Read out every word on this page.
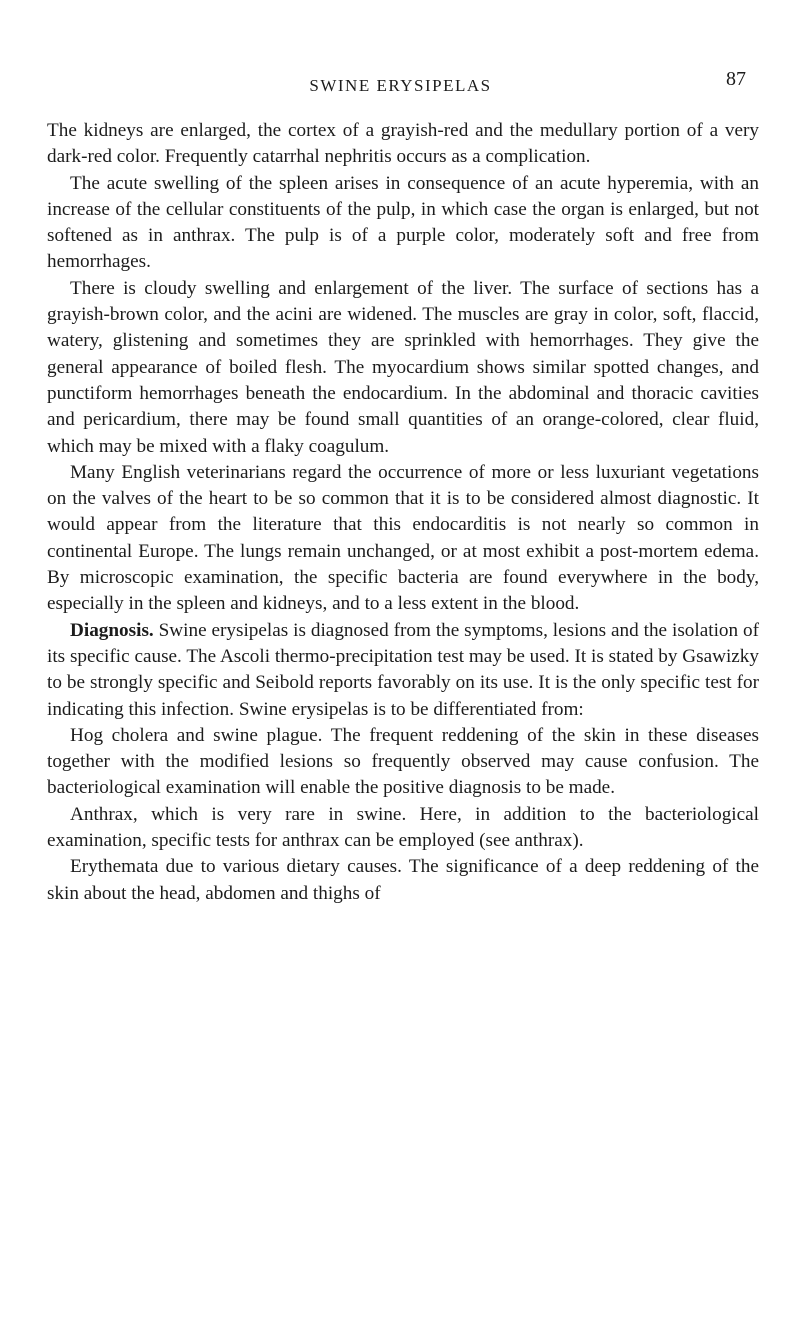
SWINE ERYSIPELAS	87

The kidneys are enlarged, the cortex of a grayish-red and the medullary portion of a very dark-red color. Frequently catarrhal nephritis occurs as a complication.

The acute swelling of the spleen arises in consequence of an acute hyperemia, with an increase of the cellular constituents of the pulp, in which case the organ is enlarged, but not softened as in anthrax. The pulp is of a purple color, moderately soft and free from hemorrhages.

There is cloudy swelling and enlargement of the liver. The surface of sections has a grayish-brown color, and the acini are widened. The muscles are gray in color, soft, flaccid, watery, glistening and sometimes they are sprinkled with hemorrhages. They give the general appearance of boiled flesh. The myocardium shows similar spotted changes, and punctiform hemorrhages beneath the endocardium. In the abdominal and thoracic cavities and pericardium, there may be found small quantities of an orange-colored, clear fluid, which may be mixed with a flaky coagulum.

Many English veterinarians regard the occurrence of more or less luxuriant vegetations on the valves of the heart to be so common that it is to be considered almost diagnostic. It would appear from the literature that this endocarditis is not nearly so common in continental Europe. The lungs remain unchanged, or at most exhibit a post-mortem edema. By microscopic examination, the specific bacteria are found everywhere in the body, especially in the spleen and kidneys, and to a less extent in the blood.

Diagnosis. Swine erysipelas is diagnosed from the symptoms, lesions and the isolation of its specific cause. The Ascoli thermo-precipitation test may be used. It is stated by Gsawizky to be strongly specific and Seibold reports favorably on its use. It is the only specific test for indicating this infection. Swine erysipelas is to be differentiated from:

Hog cholera and swine plague. The frequent reddening of the skin in these diseases together with the modified lesions so frequently observed may cause confusion. The bacteriological examination will enable the positive diagnosis to be made.

Anthrax, which is very rare in swine. Here, in addition to the bacteriological examination, specific tests for anthrax can be employed (see anthrax).

Erythemata due to various dietary causes. The significance of a deep reddening of the skin about the head, abdomen and thighs of
